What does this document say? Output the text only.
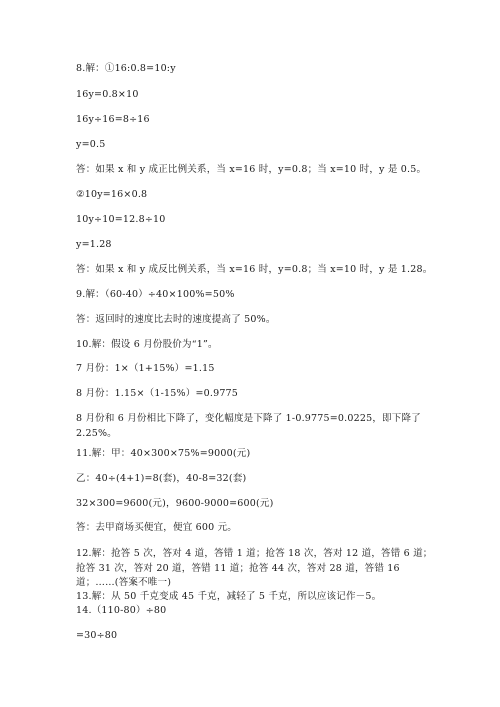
8.解：①16:0.8=10:y
16y=0.8×10
16y÷16=8÷16
y=0.5
答：如果 x 和 y 成正比例关系，当 x=16 时，y=0.8；当 x=10 时，y 是 0.5。
②10y=16×0.8
10y÷10=12.8÷10
y=1.28
答：如果 x 和 y 成反比例关系，当 x=16 时，y=0.8；当 x=10 时，y 是 1.28。
9.解：（60-40）÷40×100%=50%
答：返回时的速度比去时的速度提高了 50%。
10.解：假设 6 月份股价为“1”。
7 月份：1×（1+15%）=1.15
8 月份：1.15×（1-15%）=0.9775
8 月份和 6 月份相比下降了，变化幅度是下降了 1-0.9775=0.0225，即下降了
2.25%。
11.解：甲：40×300×75%=9000(元)
乙：40÷(4+1)=8(套)，40-8=32(套)
32×300=9600(元)，9600-9000=600(元)
答：去甲商场买便宜，便宜 600 元。
12.解：抢答 5 次，答对 4 道，答错 1 道；抢答 18 次，答对 12 道，答错 6 道；
抢答 31 次，答对 20 道，答错 11 道；抢答 44 次，答对 28 道，答错 16
道；……(答案不唯一)
13.解：从 50 千克变成 45 千克，减轻了 5 千克，所以应该记作－5。
14.（110-80）÷80
=30÷80
